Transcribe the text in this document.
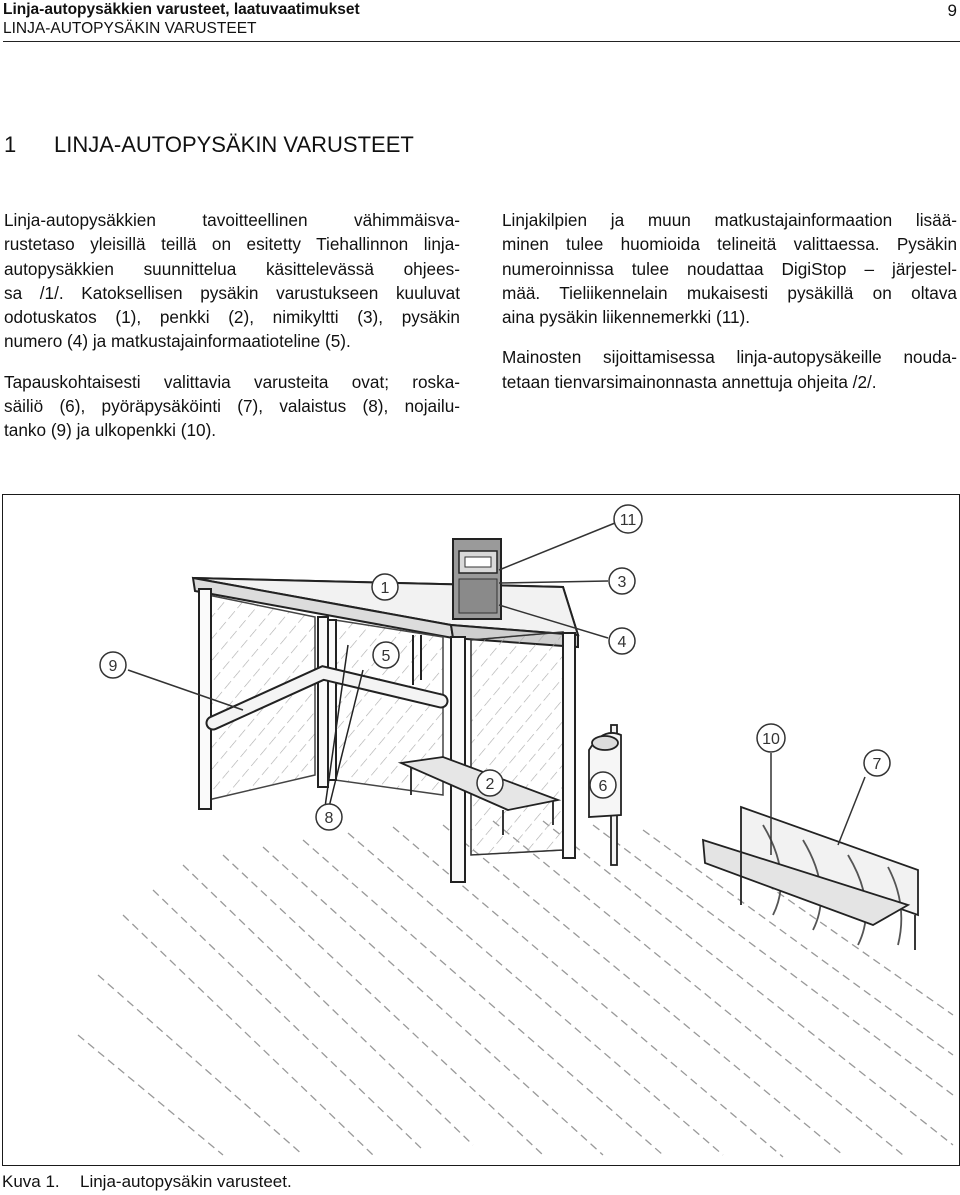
Linja-autopysäkkien varusteet, laatuvaatimukset
LINJA-AUTOPYSÄKIN VARUSTEET
9
1 LINJA-AUTOPYSÄKIN VARUSTEET
Linja-autopysäkkien tavoitteellinen vähimmäisva-
rustetaso yleisillä teillä on esitetty Tiehallinnon linja-
autopysäkkien suunnittelua käsittelevässä ohjees-
sa /1/. Katoksellisen pysäkin varustukseen kuuluvat
odotuskatos (1), penkki (2), nimikyltti (3), pysäkin
numero (4) ja matkustajainformaatioteline (5).
Tapauskohtaisesti valittavia varusteita ovat; roska-
säiliö (6), pyöräpysäköinti (7), valaistus (8), nojailu-
tanko (9) ja ulkopenkki (10).
Linjakilpien ja muun matkustajainformaation lisää-
minen tulee huomioida telineitä valittaessa. Pysäkin
numeroinnissa tulee noudattaa DigiStop – järjestel-
mää. Tieliikennelain mukaisesti pysäkillä on oltava
aina pysäkin liikennemerkki (11).
Mainosten sijoittamisessa linja-autopysäkeille nouda-
tetaan tienvarsimainonnasta annettuja ohjeita /2/.
11
3
4
1
5
9
2	6
8
10
7
Kuva 1. Linja-autopysäkin varusteet.
